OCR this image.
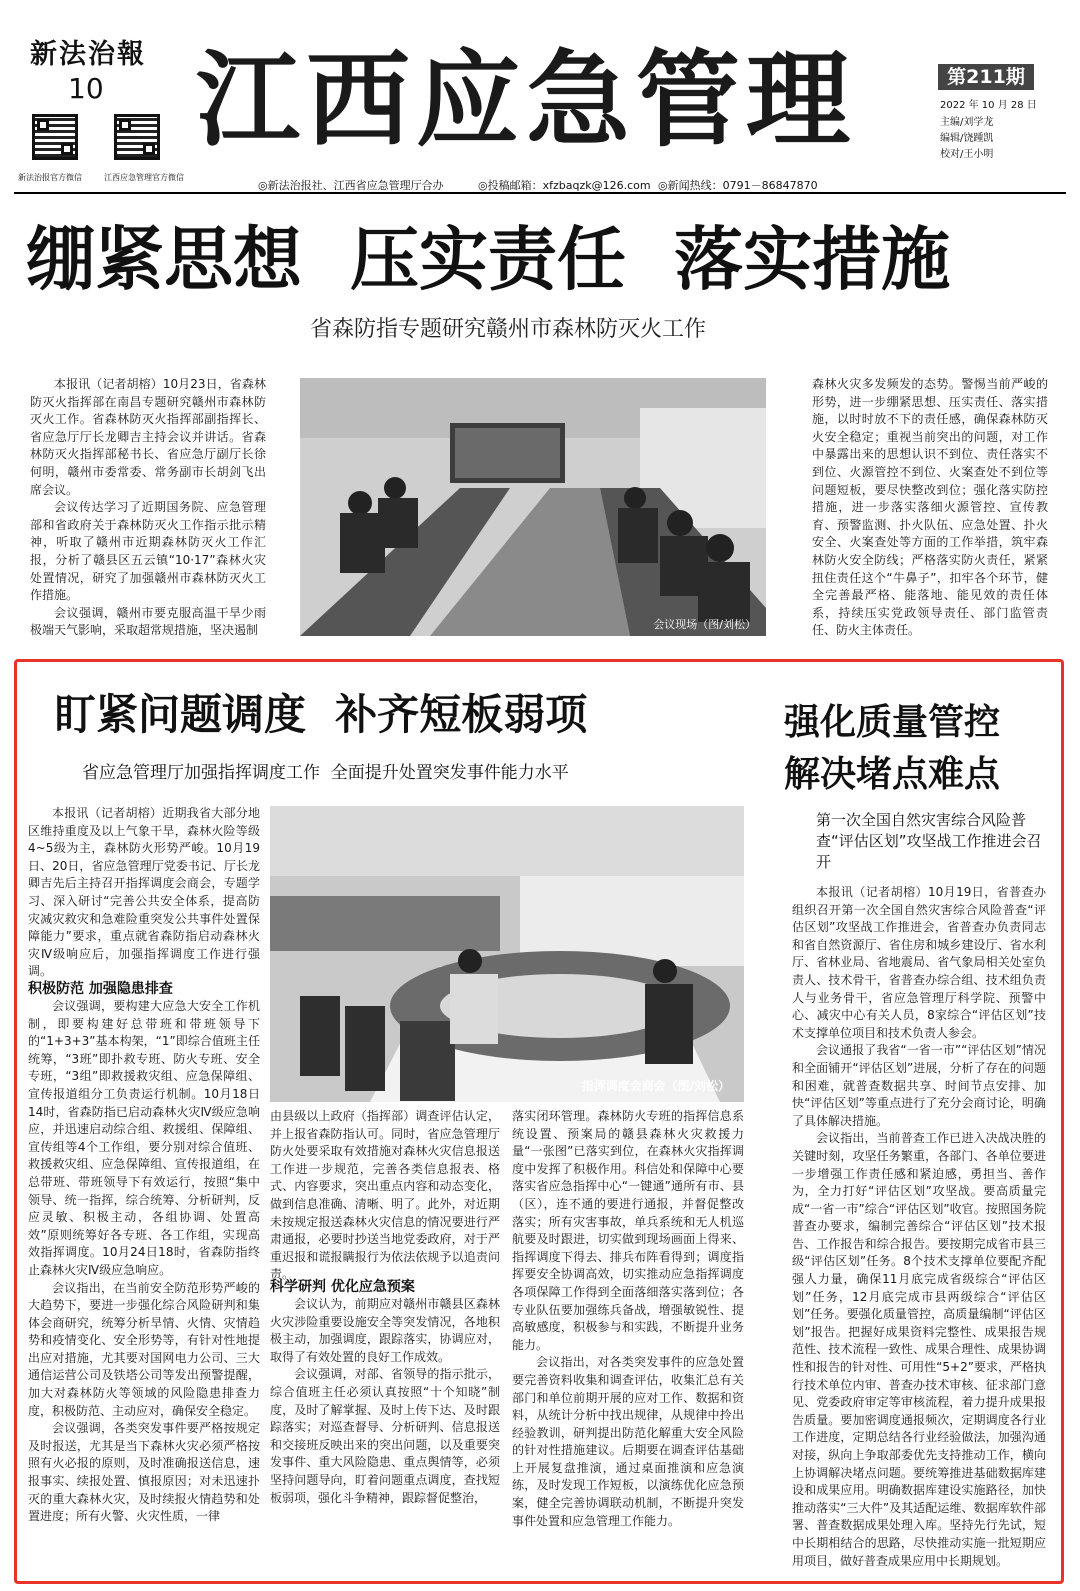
新法治報
10
新法治报官方微信	江西应急管理官方微信
江西应急管理	第211期
2022 年 10 月 28 日
主编/刘学龙
编辑/饶踵凯
校对/王小明
◎新法治报社、江西省应急管理厅合办	◎投稿邮箱：xfzbaqzk@126.com ◎新闻热线：0791－86847870
绷紧思想  压实责任  落实措施
省森防指专题研究赣州市森林防灭火工作

本报讯（记者胡榕）10月23日，省森林防灭火指挥部在南昌专题研究赣州市森林防灭火工作。省森林防灭火指挥部副指挥长、省应急厅厅长龙卿吉主持会议并讲话。省森林防灭火指挥部秘书长、省应急厅副厅长徐何明，赣州市委常委、常务副市长胡剑飞出席会议。

会议传达学习了近期国务院、应急管理部和省政府关于森林防灭火工作指示批示精神，听取了赣州市近期森林防灭火工作汇报，分析了赣县区五云镇“10·17”森林火灾处置情况，研究了加强赣州市森林防灭火工作措施。

会议强调，赣州市要克服高温干旱少雨极端天气影响，采取超常规措施，坚决遏制	会议现场（图/刘松）

森林火灾多发频发的态势。警惕当前严峻的形势，进一步绷紧思想、压实责任、落实措施，以时时放不下的责任感，确保森林防灭火安全稳定；重视当前突出的问题，对工作中暴露出来的思想认识不到位、责任落实不到位、火源管控不到位、火案查处不到位等问题短板，要尽快整改到位；强化落实防控措施，进一步落实落细火源管控、宣传教育、预警监测、扑火队伍、应急处置、扑火安全、火案查处等方面的工作举措，筑牢森林防火安全防线；严格落实防火责任，紧紧扭住责任这个“牛鼻子”，扣牢各个环节，健全完善最严格、能落地、能见效的责任体系，持续压实党政领导责任、部门监管责任、防火主体责任。

盯紧问题调度  补齐短板弱项
省应急管理厅加强指挥调度工作  全面提升处置突发事件能力水平

本报讯（记者胡榕）近期我省大部分地区维持重度及以上气象干旱，森林火险等级4~5级为主，森林防火形势严峻。10月19日、20日，省应急管理厅党委书记、厅长龙卿吉先后主持召开指挥调度会商会，专题学习、深入研讨“完善公共安全体系，提高防灾减灾救灾和急难险重突发公共事件处置保障能力”要求，重点就省森防指启动森林火灾Ⅳ级响应后，加强指挥调度工作进行强调。

积极防范 加强隐患排查

会议强调，要构建大应急大安全工作机制，即要构建好总带班和带班领导下的“1+3+3”基本构架，“1”即综合值班主任统筹，“3班”即扑救专班、防火专班、安全专班，“3组”即救援救灾组、应急保障组、宣传报道组分工负责运行机制。10月18日14时，省森防指已启动森林火灾Ⅳ级应急响应，并迅速启动综合组、救援组、保障组、宣传组等4个工作组，要分别对综合值班、救援救灾组、应急保障组、宣传报道组，在总带班、带班领导下有效运行，按照“集中领导、统一指挥，综合统筹、分析研判，反应灵敏、积极主动，各组协调、处置高效”原则统筹好各专班、各工作组，实现高效指挥调度。10月24日18时，省森防指终止森林火灾Ⅳ级应急响应。

会议指出，在当前安全防范形势严峻的大趋势下，要进一步强化综合风险研判和集体会商研究，统筹分析旱情、火情、灾情趋势和疫情变化、安全形势等，有针对性地提出应对措施，尤其要对国网电力公司、三大通信运营公司及铁塔公司等发出预警提醒，加大对森林防火等领域的风险隐患排查力度，积极防范、主动应对，确保安全稳定。

会议强调，各类突发事件要严格按规定及时报送，尤其是当下森林火灾必须严格按照有火必报的原则，及时准确报送信息，速报事实、续报处置、慎报原因；对未迅速扑灭的重大森林火灾，及时续报火情趋势和处置进度；所有火警、火灾性质，一律

指挥调度会商会（图/刘松）

由县级以上政府（指挥部）调查评估认定，并上报省森防指认可。同时，省应急管理厅防火处要采取有效措施对森林火灾信息报送工作进一步规范，完善各类信息报表、格式、内容要求，突出重点内容和动态变化，做到信息准确、清晰、明了。此外，对近期未按规定报送森林火灾信息的情况要进行严肃通报，必要时抄送当地党委政府，对于严重迟报和谎报瞒报行为依法依规予以追责问责。

科学研判 优化应急预案

会议认为，前期应对赣州市赣县区森林火灾涉险重要设施安全等突发情况，各地积极主动，加强调度，跟踪落实，协调应对，取得了有效处置的良好工作成效。

会议强调，对部、省领导的指示批示，综合值班主任必须认真按照“十个知晓”制度，及时了解掌握、及时上传下达、及时跟踪落实；对巡查督导、分析研判、信息报送和交接班反映出来的突出问题，以及重要突发事件、重大风险隐患、重点舆情等，必须坚持问题导向，盯着问题重点调度，查找短板弱项，强化斗争精神，跟踪督促整治，

落实闭环管理。森林防火专班的指挥信息系统设置、预案局的赣县森林火灾救援力量“一张图”已落实到位，在森林火灾指挥调度中发挥了积极作用。科信处和保障中心要落实省应急指挥中心“一键通”通所有市、县（区），连不通的要进行通报，并督促整改落实；所有灾害事故，单兵系统和无人机巡航要及时跟进，切实做到现场画面上得来、指挥调度下得去、排兵布阵看得到；调度指挥要安全协调高效，切实推动应急指挥调度各项保障工作得到全面落细落实落到位；各专业队伍要加强练兵备战，增强敏锐性、提高敏感度，积极参与和实践，不断提升业务能力。

会议指出，对各类突发事件的应急处置要完善资料收集和调查评估，收集汇总有关部门和单位前期开展的应对工作、数据和资料，从统计分析中找出规律，从规律中拎出经验教训，研判提出防范化解重大安全风险的针对性措施建议。后期要在调查评估基础上开展复盘推演，通过桌面推演和应急演练，及时发现工作短板，以演练优化应急预案，健全完善协调联动机制，不断提升突发事件处置和应急管理工作能力。

强化质量管控
解决堵点难点
第一次全国自然灾害综合风险普查“评估区划”攻坚战工作推进会召开

本报讯（记者胡榕）10月19日，省普查办组织召开第一次全国自然灾害综合风险普查“评估区划”攻坚战工作推进会，省普查办负责同志和省自然资源厅、省住房和城乡建设厅、省水利厅、省林业局、省地震局、省气象局相关处室负责人、技术骨干，省普查办综合组、技术组负责人与业务骨干，省应急管理厅科学院、预警中心、减灾中心有关人员，8家综合“评估区划”技术支撑单位项目和技术负责人参会。

会议通报了我省“一省一市”“评估区划”情况和全面铺开“评估区划”进展，分析了存在的问题和困难，就普查数据共享、时间节点安排、加快“评估区划”等重点进行了充分会商讨论，明确了具体解决措施。

会议指出，当前普查工作已进入决战决胜的关键时刻，攻坚任务繁重，各部门、各单位要进一步增强工作责任感和紧迫感，勇担当、善作为，全力打好“评估区划”攻坚战。要高质量完成“一省一市”综合“评估区划”收官。按照国务院普查办要求，编制完善综合“评估区划”技术报告、工作报告和综合报告。要按期完成省市县三级“评估区划”任务。8个技术支撑单位要配齐配强人力量，确保11月底完成省级综合“评估区划”任务，12月底完成市县两级综合“评估区划”任务。要强化质量管控，高质量编制“评估区划”报告。把握好成果资料完整性、成果报告规范性、技术流程一致性、成果合理性、成果协调性和报告的针对性、可用性“5+2”要求，严格执行技术单位内审、普查办技术审核、征求部门意见、党委政府审定等审核流程，着力提升成果报告质量。要加密调度通报频次，定期调度各行业工作进度，定期总结各行业经验做法，加强沟通对接，纵向上争取部委优先支持推动工作，横向上协调解决堵点问题。要统筹推进基础数据库建设和成果应用。明确数据库建设实施路径，加快推动落实“三大件”及其适配运维、数据库软件部署、普查数据成果处理入库。坚持先行先试，短中长期相结合的思路，尽快推动实施一批短期应用项目，做好普查成果应用中长期规划。
